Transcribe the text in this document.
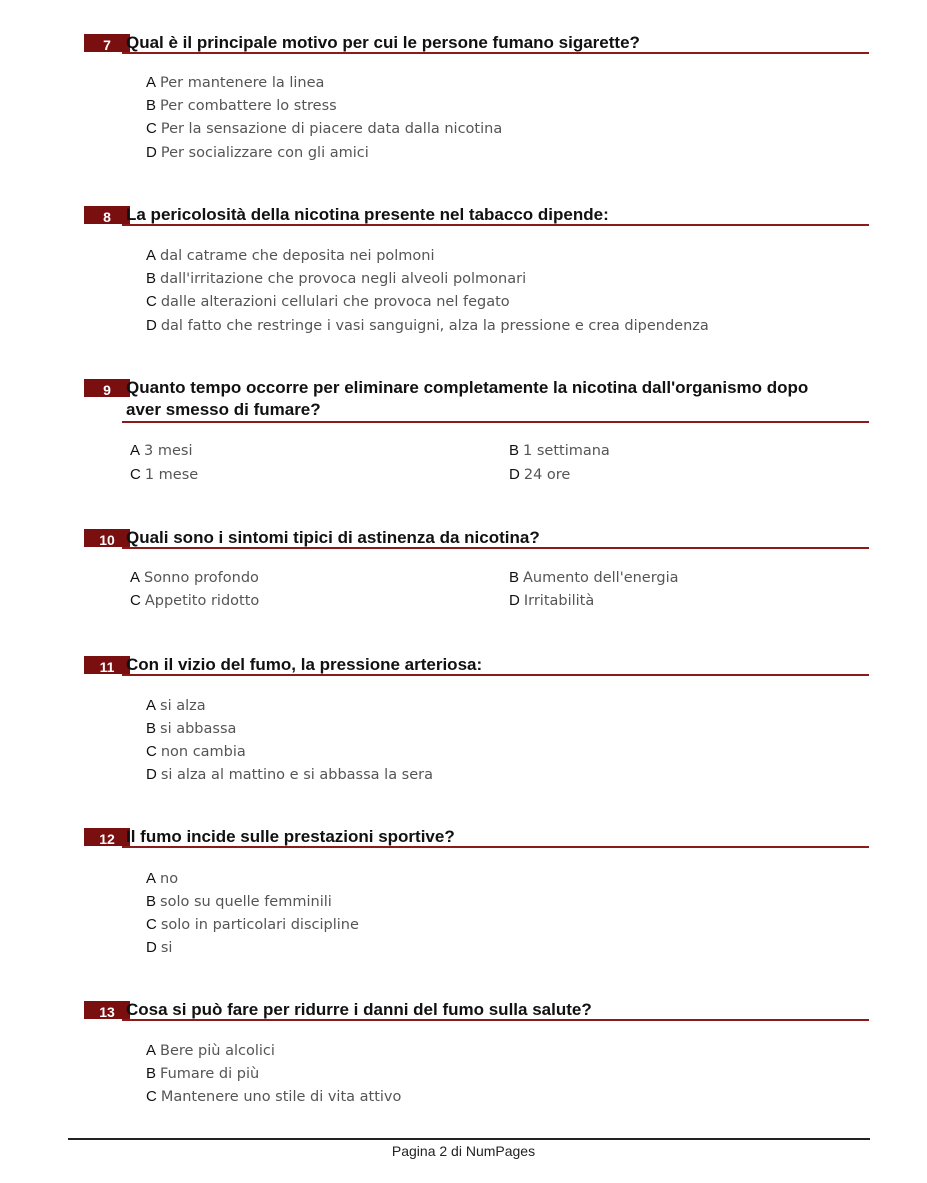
7 Qual è il principale motivo per cui le persone fumano sigarette?
A Per mantenere la linea
B Per combattere lo stress
C Per la sensazione di piacere data dalla nicotina
D Per socializzare con gli amici
8 La pericolosità della nicotina presente nel tabacco dipende:
A dal catrame che deposita nei polmoni
B dall'irritazione che provoca negli alveoli polmonari
C dalle alterazioni cellulari che provoca nel fegato
D dal fatto che restringe i vasi sanguigni, alza la pressione e crea dipendenza
9 Quanto tempo occorre per eliminare completamente la nicotina dall'organismo dopo
aver smesso di fumare?
A 3 mesi	B 1 settimana
C 1 mese	D 24 ore
10 Quali sono i sintomi tipici di astinenza da nicotina?
A Sonno profondo	B Aumento dell'energia
C Appetito ridotto	D Irritabilità
11 Con il vizio del fumo, la pressione arteriosa:
A si alza
B si abbassa
C non cambia
D si alza al mattino e si abbassa la sera
12 Il fumo incide sulle prestazioni sportive?
A no
B solo su quelle femminili
C solo in particolari discipline
D si
13 Cosa si può fare per ridurre i danni del fumo sulla salute?
A Bere più alcolici
B Fumare di più
C Mantenere uno stile di vita attivo
Pagina 2 di NumPages
